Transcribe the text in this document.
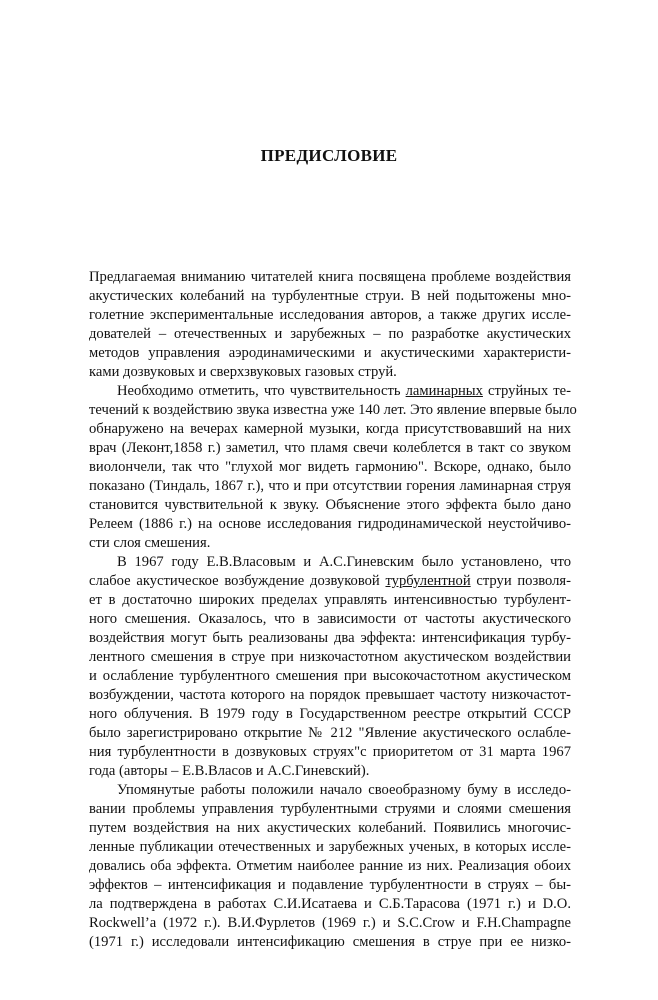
ПРЕДИСЛОВИЕ
Предлагаемая вниманию читателей книга посвящена проблеме воздействия
акустических колебаний на турбулентные струи. В ней подытожены мно-
голетние экспериментальные исследования авторов, а также других иссле-
дователей – отечественных и зарубежных – по разработке акустических
методов управления аэродинамическими и акустическими характеристи-
ками дозвуковых и сверхзвуковых газовых струй.
Необходимо отметить, что чувствительность ламинарных струйных те-
течений к воздействию звука известна уже 140 лет. Это явление впервые было
обнаружено на вечерах камерной музыки, когда присутствовавший на них
врач (Леконт,1858 г.) заметил, что пламя свечи колеблется в такт со звуком
виолончели, так что "глухой мог видеть гармонию". Вскоре, однако, было
показано (Тиндаль, 1867 г.), что и при отсутствии горения ламинарная струя
становится чувствительной к звуку. Объяснение этого эффекта было дано
Релеем (1886 г.) на основе исследования гидродинамической неустойчиво-
сти слоя смешения.
В 1967 году Е.В.Власовым и А.С.Гиневским было установлено, что
слабое акустическое возбуждение дозвуковой турбулентной струи позволя-
ет в достаточно широких пределах управлять интенсивностью турбулент-
ного смешения. Оказалось, что в зависимости от частоты акустического
воздействия могут быть реализованы два эффекта: интенсификация турбу-
лентного смешения в струе при низкочастотном акустическом воздействии
и ослабление турбулентного смешения при высокочастотном акустическом
возбуждении, частота которого на порядок превышает частоту низкочастот-
ного облучения. В 1979 году в Государственном реестре открытий СССР
было зарегистрировано открытие № 212 "Явление акустического ослабле-
ния турбулентности в дозвуковых струях"с приоритетом от 31 марта 1967
года (авторы – Е.В.Власов и А.С.Гиневский).
Упомянутые работы положили начало своеобразному буму в исследо-
вании проблемы управления турбулентными струями и слоями смешения
путем воздействия на них акустических колебаний. Появились многочис-
ленные публикации отечественных и зарубежных ученых, в которых иссле-
довались оба эффекта. Отметим наиболее ранние из них. Реализация обоих
эффектов – интенсификация и подавление турбулентности в струях – бы-
ла подтверждена в работах С.И.Исатаева и С.Б.Тарасова (1971 г.) и D.O.
Rockwell’a (1972 г.). В.И.Фурлетов (1969 г.) и S.C.Crow и F.H.Champagne
(1971 г.) исследовали интенсификацию смешения в струе при ее низко-
